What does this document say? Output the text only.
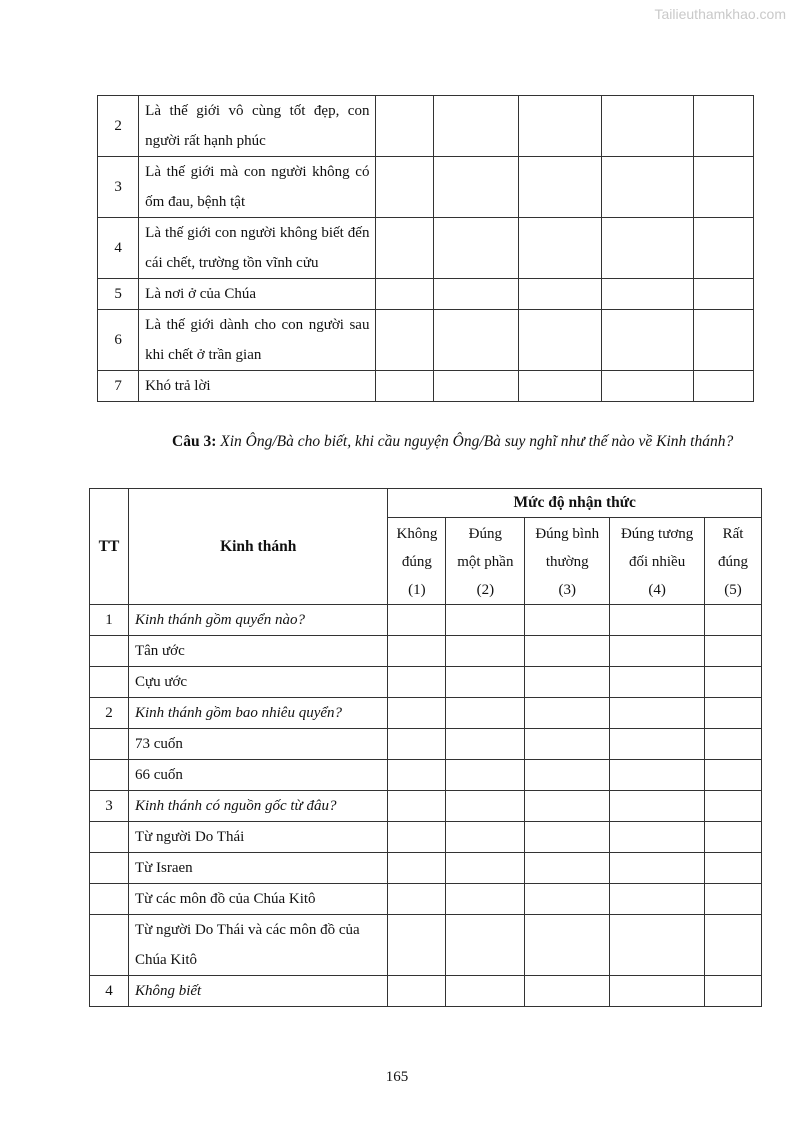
Tailieuthamkhao.com
2	Là thế giới vô cùng tốt đẹp, con người rất hạnh phúc					
3	Là thế giới mà con người không có ốm đau, bệnh tật					
4	Là thế giới con người không biết đến cái chết, trường tồn vĩnh cửu					
5	Là nơi ở của Chúa					
6	Là thế giới dành cho con người sau khi chết ở trần gian					
7	Khó trả lời					

Câu 3: Xin Ông/Bà cho biết, khi cầu nguyện Ông/Bà suy nghĩ như thế nào về Kinh thánh?

TT	Kinh thánh	Mức độ nhận thức				
		Không
đúng
(1)	Đúng
một phần
(2)	Đúng bình
thường
(3)	Đúng tương
đối nhiều
(4)	Rất
đúng
(5)
1	Kinh thánh gồm quyển nào?					
	Tân ước					
	Cựu ước					
2	Kinh thánh gồm bao nhiêu quyển?					
	73 cuốn					
	66 cuốn					
3	Kinh thánh có nguồn gốc từ đâu?					
	Từ người Do Thái					
	Từ Israen					
	Từ các môn đồ của Chúa Kitô					
	Từ người Do Thái và các môn đồ của Chúa Kitô					
4	Không biết					
165
